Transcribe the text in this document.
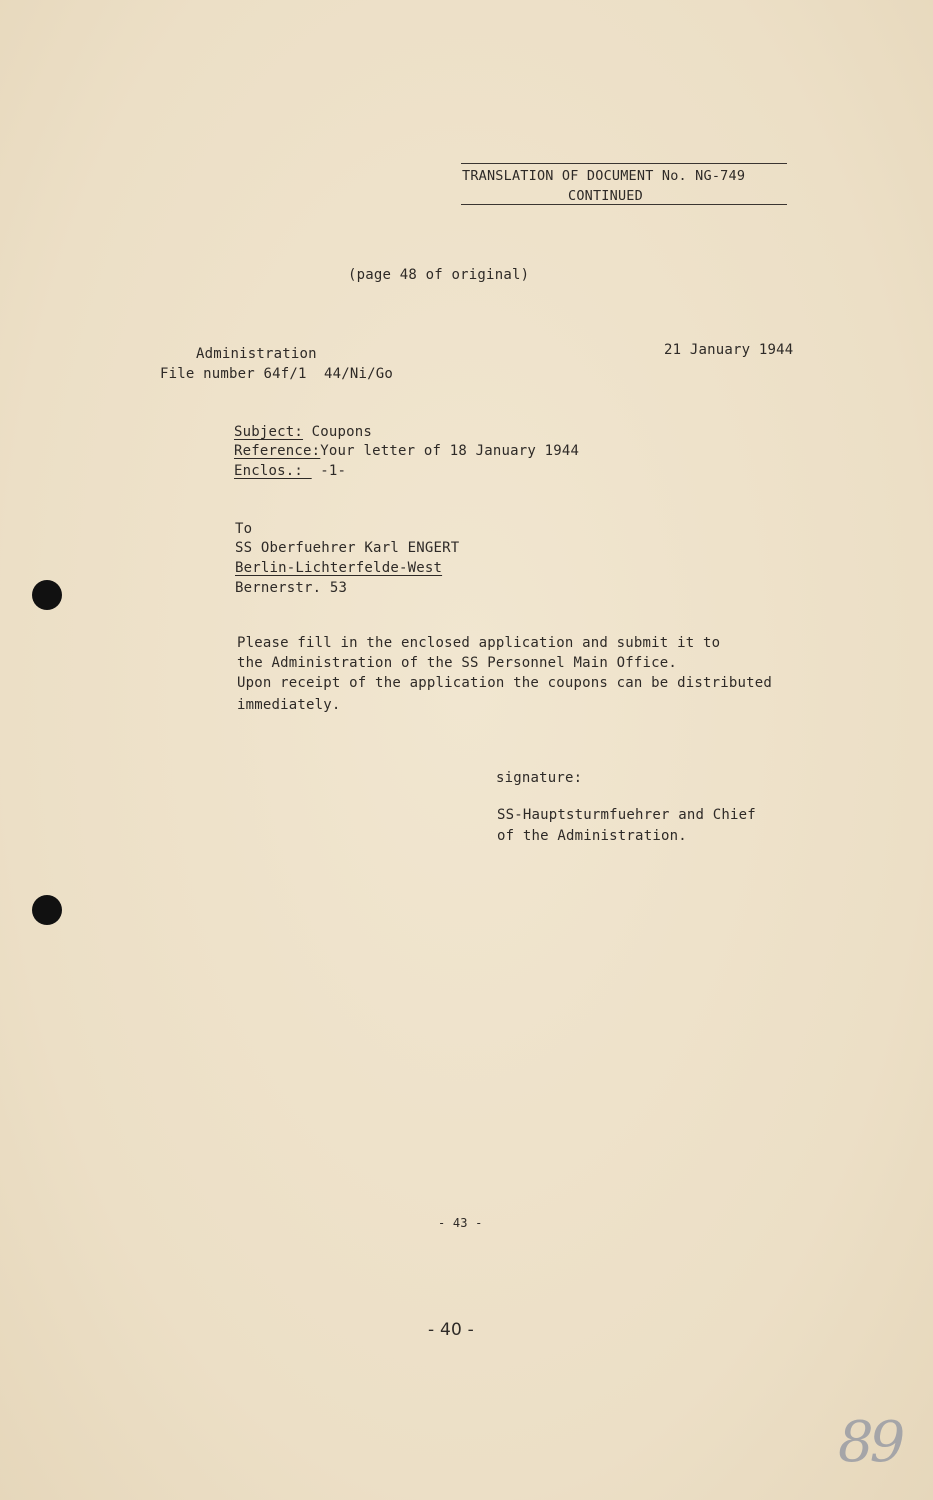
TRANSLATION OF DOCUMENT No. NG-749
CONTINUED
(page 48 of original)
Administration
File number 64f/1  44/Ni/Go
21 January 1944
Subject: Coupons
Reference:Your letter of 18 January 1944
Enclos.:  -1-
To
SS Oberfuehrer Karl ENGERT
Berlin-Lichterfelde-West
Bernerstr. 53
Please fill in the enclosed application and submit it to
the Administration of the SS Personnel Main Office.
Upon receipt of the application the coupons can be distributed
immediately.
signature:
SS-Hauptsturmfuehrer and Chief
of the Administration.
- 43 -
- 40 -
89
